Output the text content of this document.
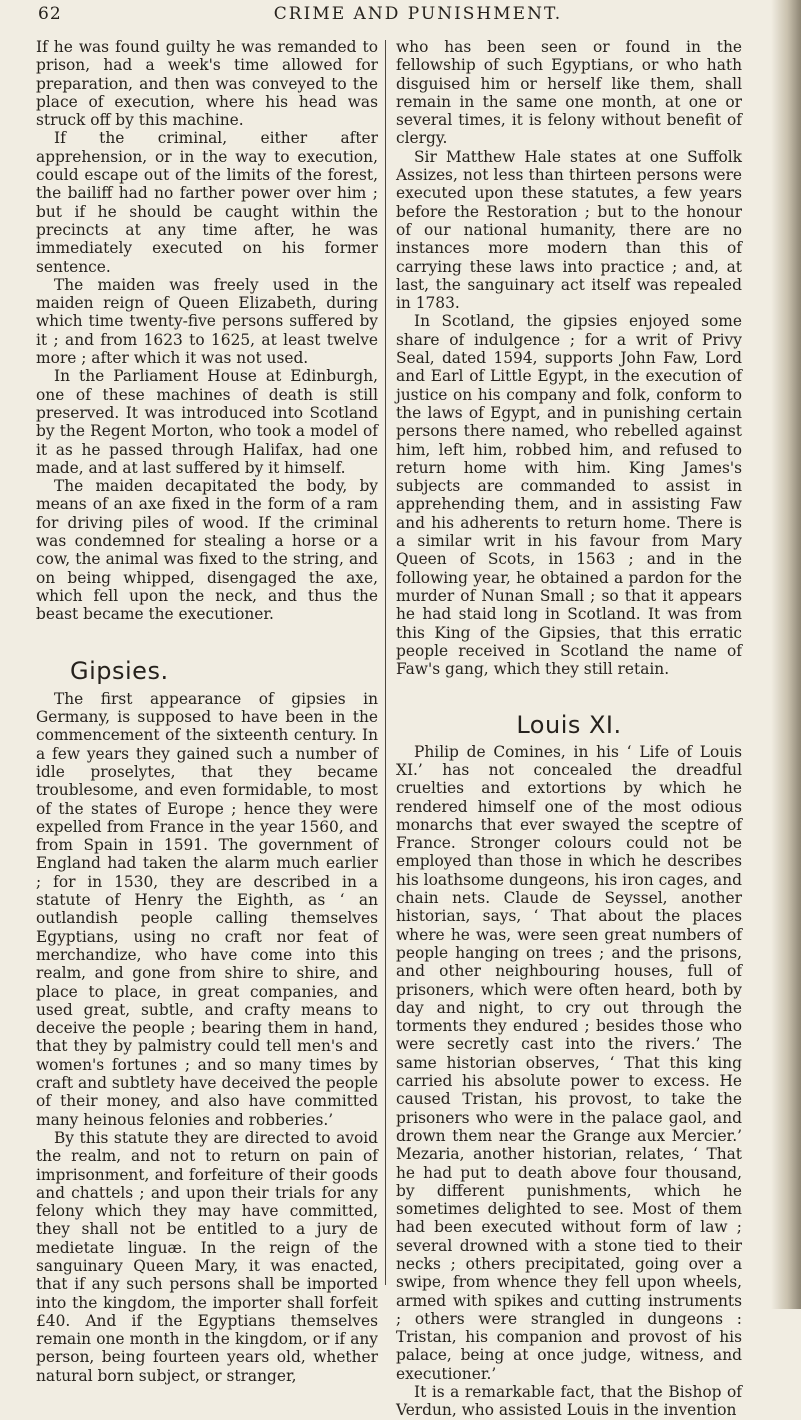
62	CRIME AND PUNISHMENT.

If he was found guilty he was remanded to prison, had a week's time allowed for preparation, and then was conveyed to the place of execution, where his head was struck off by this machine.

If the criminal, either after apprehension, or in the way to execution, could escape out of the limits of the forest, the bailiff had no farther power over him ; but if he should be caught within the precincts at any time after, he was immediately executed on his former sentence.

The maiden was freely used in the maiden reign of Queen Elizabeth, during which time twenty-five persons suffered by it ; and from 1623 to 1625, at least twelve more ; after which it was not used.

In the Parliament House at Edinburgh, one of these machines of death is still preserved. It was introduced into Scotland by the Regent Morton, who took a model of it as he passed through Halifax, had one made, and at last suffered by it himself.

The maiden decapitated the body, by means of an axe fixed in the form of a ram for driving piles of wood. If the criminal was condemned for stealing a horse or a cow, the animal was fixed to the string, and on being whipped, disengaged the axe, which fell upon the neck, and thus the beast became the executioner.

Gipsies.

The first appearance of gipsies in Germany, is supposed to have been in the commencement of the sixteenth century. In a few years they gained such a number of idle proselytes, that they became troublesome, and even formidable, to most of the states of Europe ; hence they were expelled from France in the year 1560, and from Spain in 1591. The government of England had taken the alarm much earlier ; for in 1530, they are described in a statute of Henry the Eighth, as ‘ an outlandish people calling themselves Egyptians, using no craft nor feat of merchandize, who have come into this realm, and gone from shire to shire, and place to place, in great companies, and used great, subtle, and crafty means to deceive the people ; bearing them in hand, that they by palmistry could tell men's and women's fortunes ; and so many times by craft and subtlety have deceived the people of their money, and also have committed many heinous felonies and robberies.’

By this statute they are directed to avoid the realm, and not to return on pain of imprisonment, and forfeiture of their goods and chattels ; and upon their trials for any felony which they may have committed, they shall not be entitled to a jury de medietate linguæ. In the reign of the sanguinary Queen Mary, it was enacted, that if any such persons shall be imported into the kingdom, the importer shall forfeit £40. And if the Egyptians themselves remain one month in the kingdom, or if any person, being fourteen years old, whether natural born subject, or stranger,

who has been seen or found in the fellowship of such Egyptians, or who hath disguised him or herself like them, shall remain in the same one month, at one or several times, it is felony without benefit of clergy.

Sir Matthew Hale states at one Suffolk Assizes, not less than thirteen persons were executed upon these statutes, a few years before the Restoration ; but to the honour of our national humanity, there are no instances more modern than this of carrying these laws into practice ; and, at last, the sanguinary act itself was repealed in 1783.

In Scotland, the gipsies enjoyed some share of indulgence ; for a writ of Privy Seal, dated 1594, supports John Faw, Lord and Earl of Little Egypt, in the execution of justice on his company and folk, conform to the laws of Egypt, and in punishing certain persons there named, who rebelled against him, left him, robbed him, and refused to return home with him. King James's subjects are commanded to assist in apprehending them, and in assisting Faw and his adherents to return home. There is a similar writ in his favour from Mary Queen of Scots, in 1563 ; and in the following year, he obtained a pardon for the murder of Nunan Small ; so that it appears he had staid long in Scotland. It was from this King of the Gipsies, that this erratic people received in Scotland the name of Faw's gang, which they still retain.

Louis XI.

Philip de Comines, in his ‘ Life of Louis XI.’ has not concealed the dreadful cruelties and extortions by which he rendered himself one of the most odious monarchs that ever swayed the sceptre of France. Stronger colours could not be employed than those in which he describes his loathsome dungeons, his iron cages, and chain nets. Claude de Seyssel, another historian, says, ‘ That about the places where he was, were seen great numbers of people hanging on trees ; and the prisons, and other neighbouring houses, full of prisoners, which were often heard, both by day and night, to cry out through the torments they endured ; besides those who were secretly cast into the rivers.’ The same historian observes, ‘ That this king carried his absolute power to excess. He caused Tristan, his provost, to take the prisoners who were in the palace gaol, and drown them near the Grange aux Mercier.’ Mezaria, another historian, relates, ‘ That he had put to death above four thousand, by different punishments, which he sometimes delighted to see. Most of them had been executed without form of law ; several drowned with a stone tied to their necks ; others precipitated, going over a swipe, from whence they fell upon wheels, armed with spikes and cutting instruments ; others were strangled in dungeons : Tristan, his companion and provost of his palace, being at once judge, witness, and executioner.’

It is a remarkable fact, that the Bishop of Verdun, who assisted Louis in the invention
